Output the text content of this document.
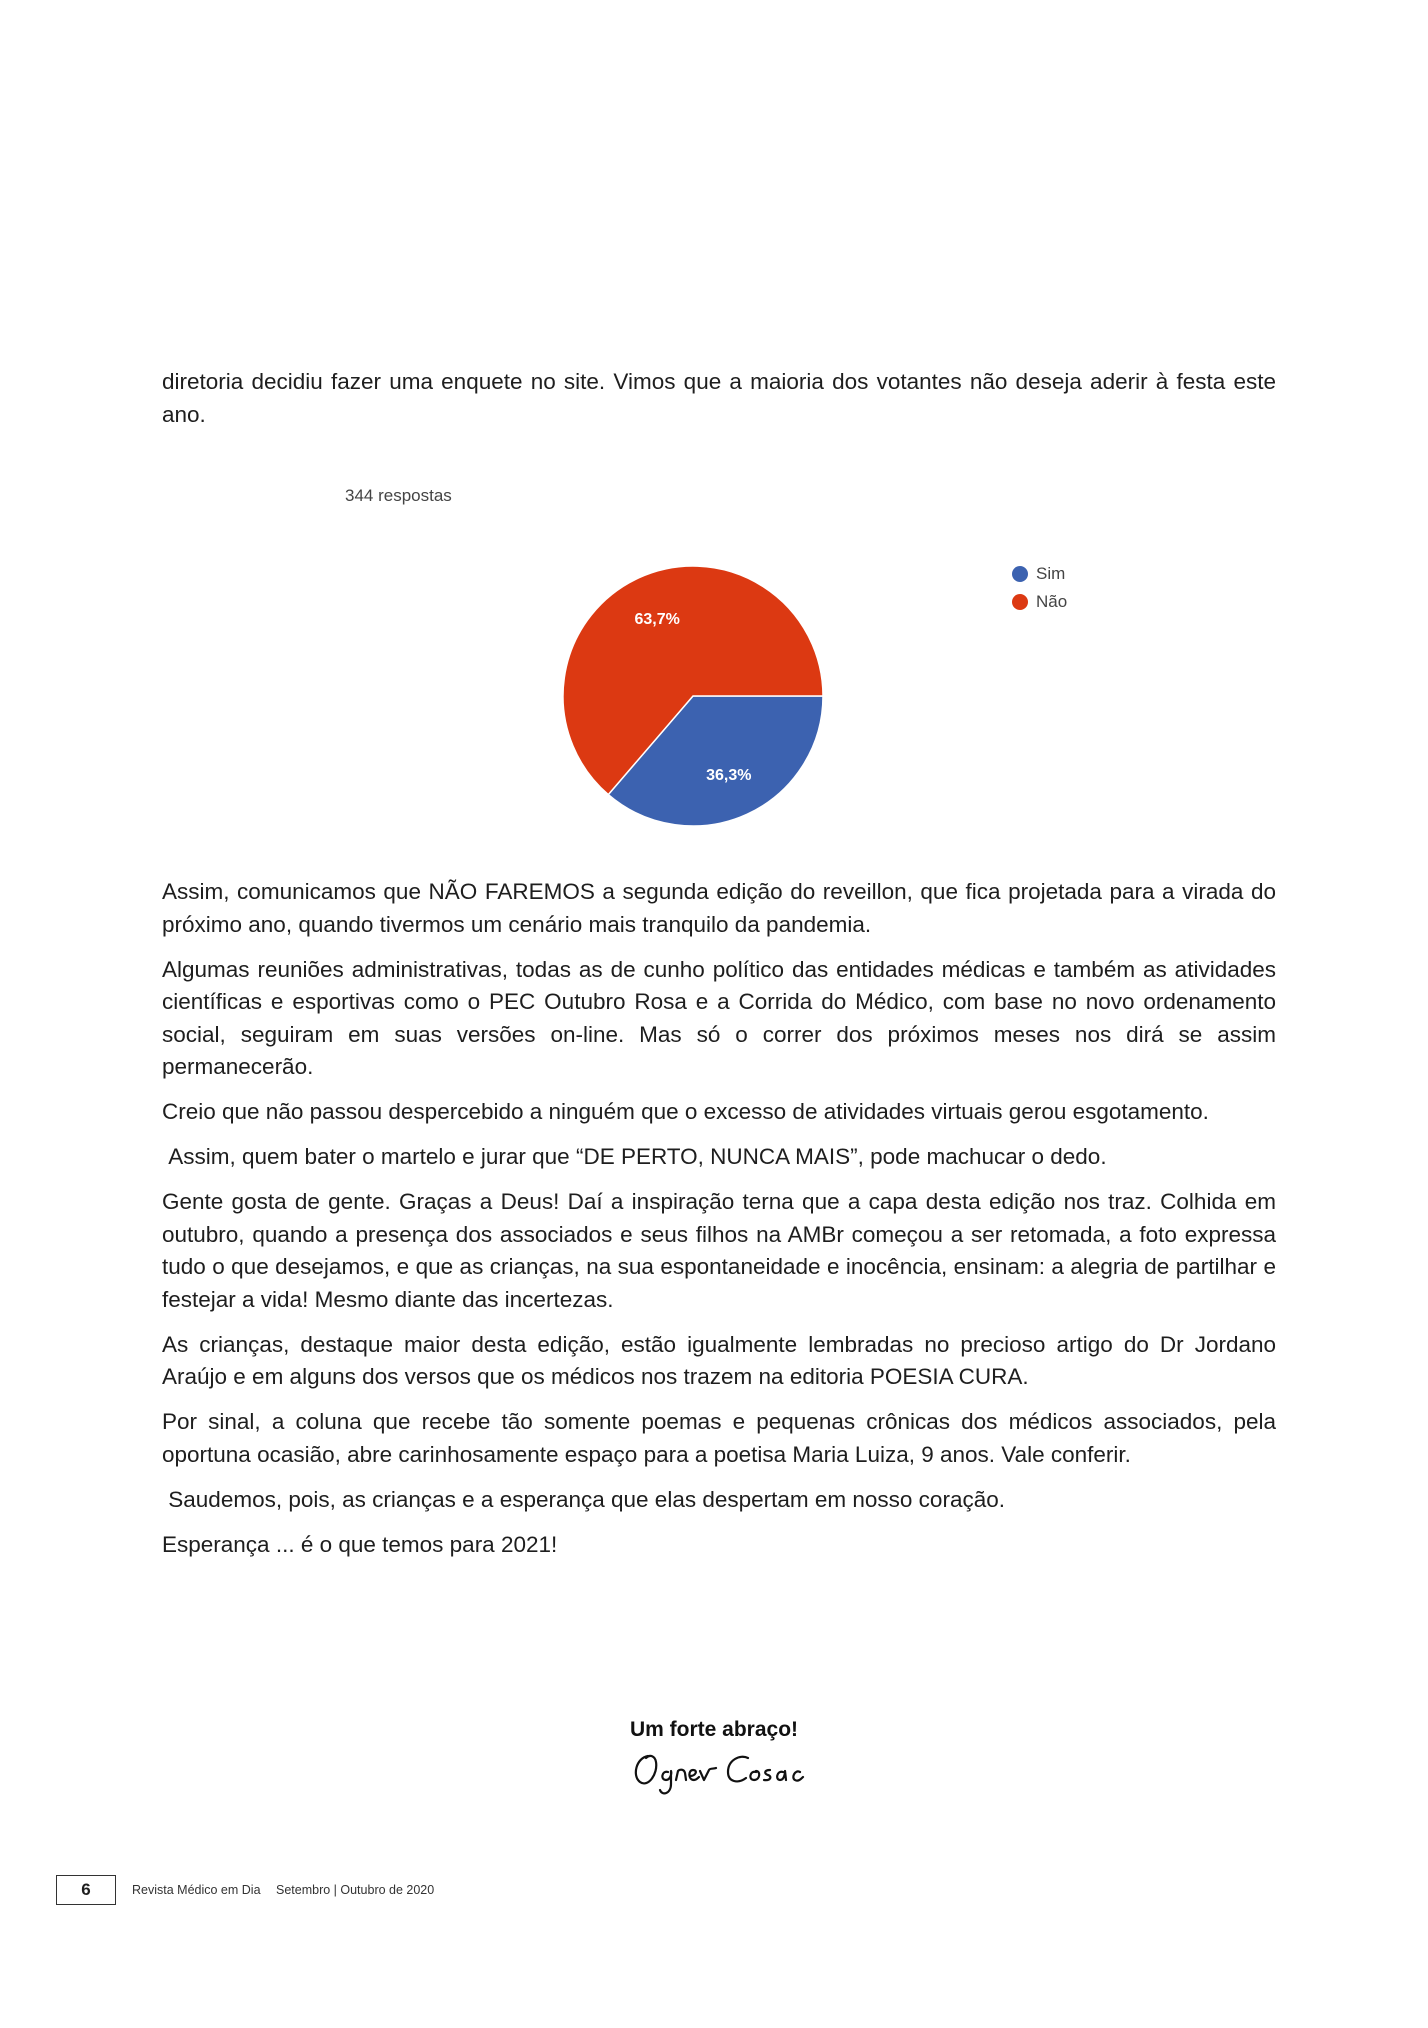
diretoria decidiu fazer uma enquete no site. Vimos que a maioria dos votantes não deseja aderir à festa este ano.

344 respostas
36,3%
63,7%
Sim
Não

Assim, comunicamos que NÃO FAREMOS a segunda edição do reveillon, que fica projetada para a virada do próximo ano, quando tivermos um cenário mais tranquilo da pandemia.

Algumas reuniões administrativas, todas as de cunho político das entidades médicas e também as atividades científicas e esportivas como o PEC Outubro Rosa e a Corrida do Médico, com base no novo ordenamento social, seguiram em suas versões on-line. Mas só o correr dos próximos meses nos dirá se assim permanecerão.

Creio que não passou despercebido a ninguém que o excesso de atividades virtuais gerou esgotamento.

Assim, quem bater o martelo e jurar que “DE PERTO, NUNCA MAIS”, pode machucar o dedo.

Gente gosta de gente. Graças a Deus! Daí a inspiração terna que a capa desta edição nos traz. Colhida em outubro, quando a presença dos associados e seus filhos na AMBr começou a ser retomada, a foto expressa tudo o que desejamos, e que as crianças, na sua espontaneidade e inocência, ensinam: a alegria de partilhar e festejar a vida! Mesmo diante das incertezas.

As crianças, destaque maior desta edição, estão igualmente lembradas no precioso artigo do Dr Jordano Araújo e em alguns dos versos que os médicos nos trazem na editoria POESIA CURA.

Por sinal, a coluna que recebe tão somente poemas e pequenas crônicas dos médicos associados, pela oportuna ocasião, abre carinhosamente espaço para a poetisa Maria Luiza, 9 anos. Vale conferir.

Saudemos, pois, as crianças e a esperança que elas despertam em nosso coração.

Esperança ... é o que temos para 2021!

Um forte abraço!
6	Revista Médico em Dia Setembro | Outubro de 2020
